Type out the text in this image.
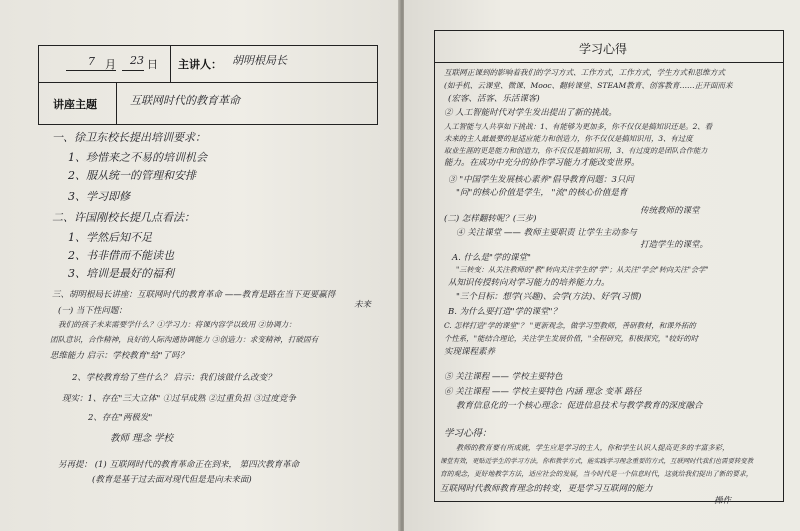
7 月 23 日 主讲人： 胡明根局长
讲座主题	互联网时代的教育革命
一、徐卫东校长提出培训要求：
1、珍惜来之不易的培训机会
2、服从统一的管理和安排
3、学习即修
二、许国刚校长提几点看法：
1、学然后知不足
2、书非借而不能读也
3、培训是最好的福利
三、胡明根局长讲座：互联网时代的教育革命 ——教育是路在当下更要赢得
未来
(一) 当下性问题：
我们的孩子未来需要学什么？①学习力：将课内容学以致用 ②协调力：
团队意识，合作精神，良好的人际沟通协调能力 ③创造力：求变精神，打破固有
思维能力 启示：学校教育"给"了吗？
2、学校教育给了些什么？ 启示：我们该做什么改变？
现实：1、存在"三大立体" ①过早成熟 ②过重负担 ③过度竞争
2、存在"两极发"
教师 理念 学校
另再提： (1) 互联网时代的教育革命正在到来， 第四次教育革命
(教育是基于过去面对现代但是是向未来面)
学习心得
互联网正课到的影响着我们的学习方式、工作方式，工作方式，学生方式和思维方式
(如手机、云课堂、微课、Mooc、翻转课堂、STEAM教育、创客教育……正开面而来
(宏客、活客、乐活课客)
② 人工智能时代对学生发出提出了新的挑战。
人工智能与人共享如下挑战：1、有能够为更加多，你不仅仅是搞知识还是。2、看
未来的主人最最要的是适应能力和创造力，你不仅仅是搞知识用，3、有过度
取业生涯的更是能力和创造力，你不仅仅是搞知识用，3、有过度的是团队合作能力
能力。在成功中充分的协作学习能力才能改变世界。
③ "中国学生发展核心素养"倡导教育问题：3只问
"问"的核心价值是学生， "流"的核心价值是育
(二) 怎样翻转呢？(三步)
传统教师的课堂
④ 关注课堂 —— 教师主要职责 让学生主动参与
打造学生的课堂。
A. 什么是"学的课堂"
"三转变：从关注教师的"教"转向关注学生的"学"；从关注"学会"转向关注"会学"
从知识传授转向对学习能力的培养能力力。
"三个目标：想学(兴趣)、会学(方法)、好学(习惯)
B. 为什么要打造"学的课堂"？
C. 怎样打造"学的课堂"？ "更新观念，做学习型教师，善研教材，和课外拓的
个性系，"能结合理论，关注学生发展价值，"全程研究，积极探究，"较好的时
实现课程素养
⑤ 关注课程 —— 学校主要特色
⑥ 关注课程 —— 学校主要特色 内涵 理念 变革 路径
教育信息化的一个核心理念：促进信息技术与教学教育的深度融合
学习心得：
教师的教育要有所成就，学生应是学习的主人，你和学生认识人提高更多的丰富多彩，
课堂有效，更贴近学生的学习方法，你和教学方式，能实践学习理念重要的方式，互联网时代我们也需要转变教
育的观念，更好地教学方法，适应社会的发展，当今时代是一个信息时代，这就给我们提出了新的要求，
互联网时代教师教育理念的转变，更是学习互联网的能力
操作
